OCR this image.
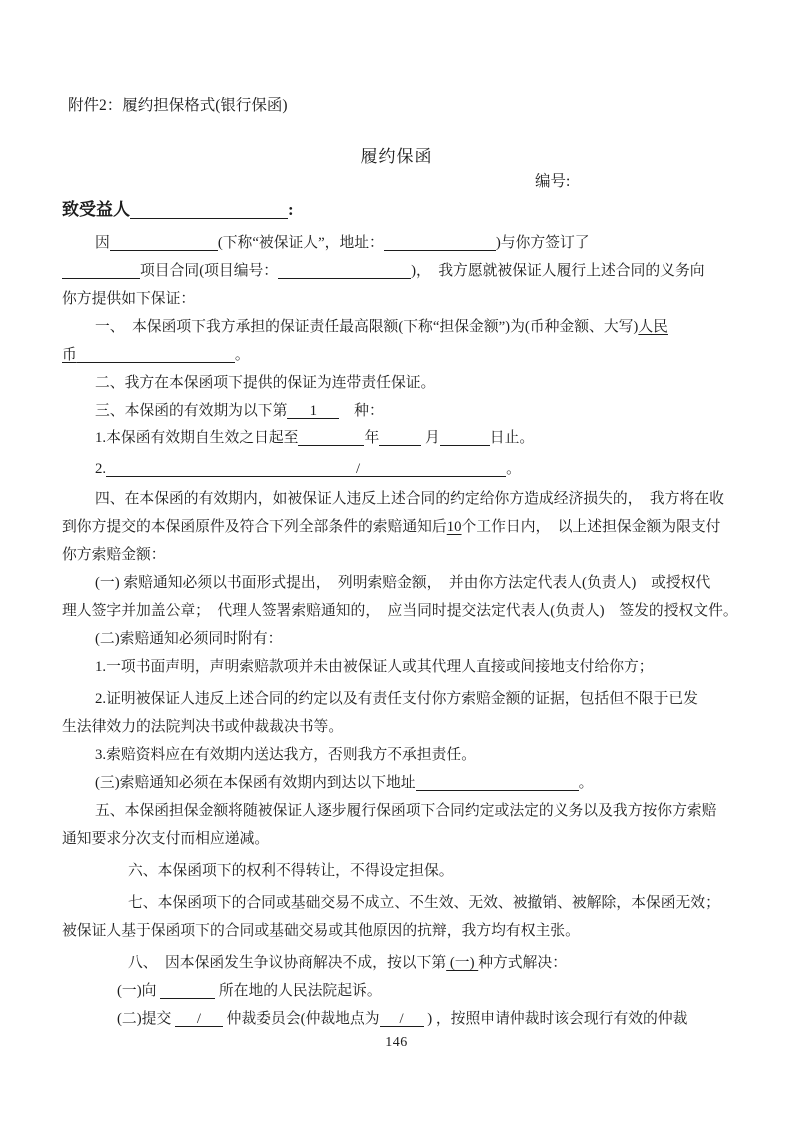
附件2：履约担保格式(银行保函)
履约保函
编号:
致受益人	:
因	(下称“被保证人”，地址：	)与你方签订了
项目合同(项目编号：	)，　我方愿就被保证人履行上述合同的义务向
你方提供如下保证：
一、　本保函项下我方承担的保证责任最高限额(下称“担保金额”)为(币种金额、大写)人民
币	。
二、我方在本保函项下提供的保证为连带责任保证。
三、本保函的有效期为以下第 1　种：
1.本保函有效期自生效之日起至	年	月	日止。
2.	/	。
四、在本保函的有效期内，如被保证人违反上述合同的约定给你方造成经济损失的，　我方将在收
到你方提交的本保函原件及符合下列全部条件的索赔通知后10个工作日内，　以上述担保金额为限支付
你方索赔金额：
(一) 索赔通知必须以书面形式提出，　列明索赔金额，　并由你方法定代表人(负责人)　或授权代
理人签字并加盖公章；　代理人签署索赔通知的，　应当同时提交法定代表人(负责人)　签发的授权文件。
(二)索赔通知必须同时附有：
1.一项书面声明，声明索赔款项并未由被保证人或其代理人直接或间接地支付给你方；
2.证明被保证人违反上述合同的约定以及有责任支付你方索赔金额的证据，包括但不限于已发
生法律效力的法院判决书或仲裁裁决书等。
3.索赔资料应在有效期内送达我方，否则我方不承担责任。
(三)索赔通知必须在本保函有效期内到达以下地址	。
五、本保函担保金额将随被保证人逐步履行保函项下合同约定或法定的义务以及我方按你方索赔
通知要求分次支付而相应递减。
六、本保函项下的权利不得转让，不得设定担保。
七、本保函项下的合同或基础交易不成立、不生效、无效、被撤销、被解除，本保函无效；
被保证人基于保函项下的合同或基础交易或其他原因的抗辩，我方均有权主张。
八、　因本保函发生争议协商解决不成，按以下第 (一) 种方式解决：
(一)向	所在地的人民法院起诉。
(二)提交 / 仲裁委员会(仲裁地点为 / ) ，按照申请仲裁时该会现行有效的仲裁
146
